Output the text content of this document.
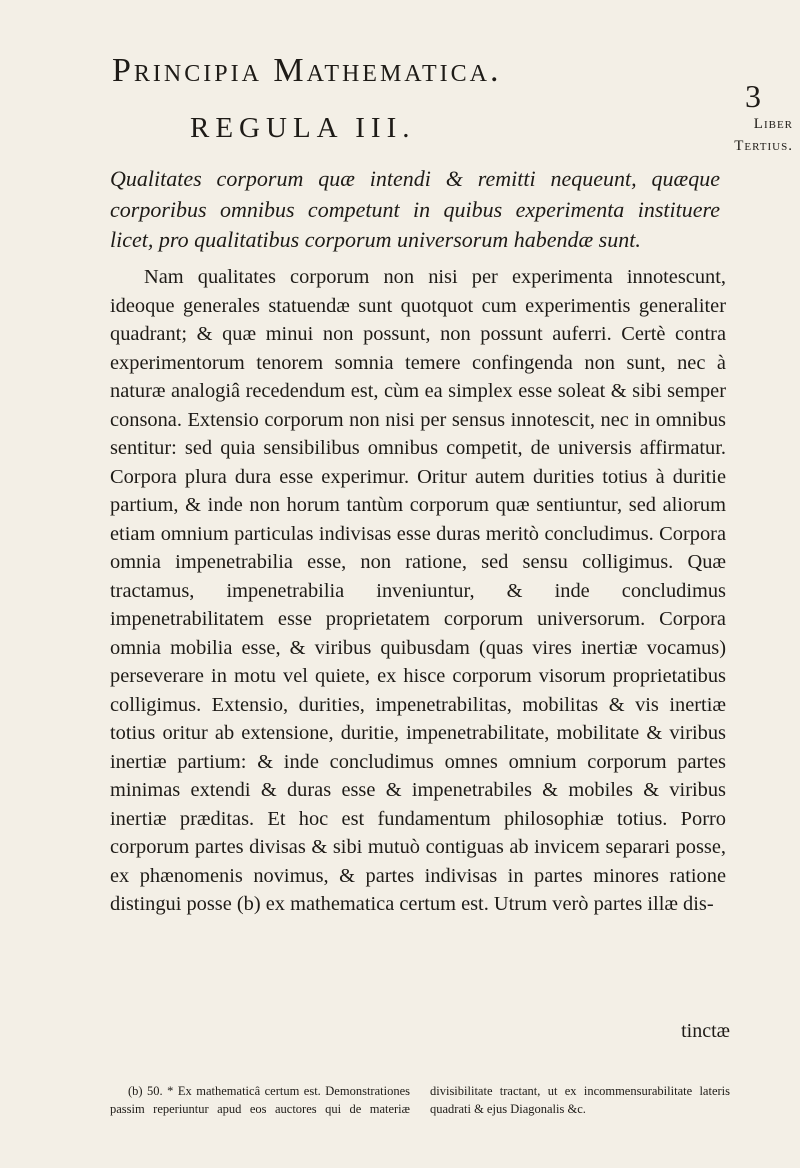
Principia Mathematica.
3
Liber
Tertius.
REGULA III.
Qualitates corporum quæ intendi & remitti nequeunt, quæque corporibus omnibus competunt in quibus experimenta instituere licet, pro qualitatibus corporum universorum habendæ sunt.

Nam qualitates corporum non nisi per experimenta innotescunt, ideoque generales statuendæ sunt quotquot cum experimentis generaliter quadrant; & quæ minui non possunt, non possunt auferri. Certè contra experimentorum tenorem somnia temere confingenda non sunt, nec à naturæ analogiâ recedendum est, cùm ea simplex esse soleat & sibi semper consona. Extensio corporum non nisi per sensus innotescit, nec in omnibus sentitur: sed quia sensibilibus omnibus competit, de universis affirmatur. Corpora plura dura esse experimur. Oritur autem durities totius à duritie partium, & inde non horum tantùm corporum quæ sentiuntur, sed aliorum etiam omnium particulas indivisas esse duras meritò concludimus. Corpora omnia impenetrabilia esse, non ratione, sed sensu colligimus. Quæ tractamus, impenetrabilia inveniuntur, & inde concludimus impenetrabilitatem esse proprietatem corporum universorum. Corpora omnia mobilia esse, & viribus quibusdam (quas vires inertiæ vocamus) perseverare in motu vel quiete, ex hisce corporum visorum proprietatibus colligimus. Extensio, durities, impenetrabilitas, mobilitas & vis inertiæ totius oritur ab extensione, duritie, impenetrabilitate, mobilitate & viribus inertiæ partium: & inde concludimus omnes omnium corporum partes minimas extendi & duras esse & impenetrabiles & mobiles & viribus inertiæ præditas. Et hoc est fundamentum philosophiæ totius. Porro corporum partes divisas & sibi mutuò contiguas ab invicem separari posse, ex phænomenis novimus, & partes indivisas in partes minores ratione distingui posse (b) ex mathematica certum est. Utrum verò partes illæ dis-

tinctæ

(b) 50. * Ex mathematicâ certum est. Demonstrationes passim reperiuntur apud eos auctores qui de materiæ divisibilitate tractant, ut ex incommensurabilitate lateris quadrati & ejus Diagonalis &c.
